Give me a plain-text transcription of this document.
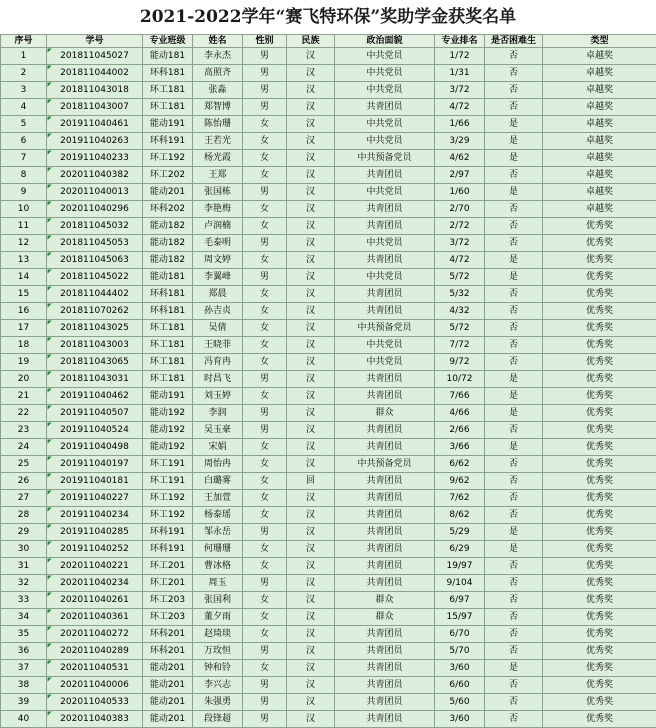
2021-2022学年“赛飞特环保”奖助学金获奖名单
序号	学号	专业班级	姓名	性别	民族	政治面貌	专业排名	是否困难生	类型
1	201811045027	能动181	李永杰	男	汉	中共党员	1/72	否	卓越奖
2	201811044002	环科181	高照齐	男	汉	中共党员	1/31	否	卓越奖
3	201811043018	环工181	张淼	男	汉	中共党员	3/72	否	卓越奖
4	201811043007	环工181	郑智博	男	汉	共青团员	4/72	否	卓越奖
5	201911040461	能动191	陈怡珊	女	汉	中共党员	1/66	是	卓越奖
6	201911040263	环科191	王若光	女	汉	中共党员	3/29	是	卓越奖
7	201911040233	环工192	杨光霞	女	汉	中共预备党员	4/62	是	卓越奖
8	202011040382	环工202	王郑	女	汉	共青团员	2/97	否	卓越奖
9	202011040013	能动201	张国栋	男	汉	中共党员	1/60	是	卓越奖
10	202011040296	环科202	李艳梅	女	汉	共青团员	2/70	否	卓越奖
11	201811045032	能动182	卢润楠	女	汉	共青团员	2/72	否	优秀奖
12	201811045053	能动182	毛泰明	男	汉	中共党员	3/72	否	优秀奖
13	201811045063	能动182	周文婷	女	汉	共青团员	4/72	是	优秀奖
14	201811045022	能动181	李翼峰	男	汉	中共党员	5/72	是	优秀奖
15	201811044402	环科181	郑晨	女	汉	共青团员	5/32	否	优秀奖
16	201811070262	环科181	孙吉贞	女	汉	共青团员	4/32	否	优秀奖
17	201811043025	环工181	吴倩	女	汉	中共预备党员	5/72	否	优秀奖
18	201811043003	环工181	王晓菲	女	汉	中共党员	7/72	否	优秀奖
19	201811043065	环工181	冯育冉	女	汉	中共党员	9/72	否	优秀奖
20	201811043031	环工181	时昌飞	男	汉	共青团员	10/72	是	优秀奖
21	201911040462	能动191	刘玉婷	女	汉	共青团员	7/66	是	优秀奖
22	201911040507	能动192	李润	男	汉	群众	4/66	是	优秀奖
23	201911040524	能动192	吴玉豪	男	汉	共青团员	2/66	否	优秀奖
24	201911040498	能动192	宋娟	女	汉	共青团员	3/66	是	优秀奖
25	201911040197	环工191	周怡冉	女	汉	中共预备党员	6/62	否	优秀奖
26	201911040181	环工191	白璐雾	女	回	共青团员	9/62	否	优秀奖
27	201911040227	环工192	王加萱	女	汉	共青团员	7/62	否	优秀奖
28	201911040234	环工192	杨泰瑶	女	汉	共青团员	8/62	否	优秀奖
29	201911040285	环科191	邹永岳	男	汉	共青团员	5/29	是	优秀奖
30	201911040252	环科191	何珊珊	女	汉	共青团员	6/29	是	优秀奖
31	202011040221	环工201	曹冰格	女	汉	共青团员	19/97	否	优秀奖
32	202011040234	环工201	周玉	男	汉	共青团员	9/104	否	优秀奖
33	202011040261	环工203	张国利	女	汉	群众	6/97	否	优秀奖
34	202011040361	环工203	董夕雨	女	汉	群众	15/97	否	优秀奖
35	202011040272	环科201	赵琦琰	女	汉	共青团员	6/70	否	优秀奖
36	202011040289	环科201	万玫恒	男	汉	共青团员	5/70	否	优秀奖
37	202011040531	能动201	钟和铃	女	汉	共青团员	3/60	是	优秀奖
38	202011040006	能动201	李兴志	男	汉	共青团员	6/60	否	优秀奖
39	202011040533	能动201	朱强勇	男	汉	共青团员	5/60	否	优秀奖
40	202011040383	能动201	段锋超	男	汉	共青团员	3/60	否	优秀奖
